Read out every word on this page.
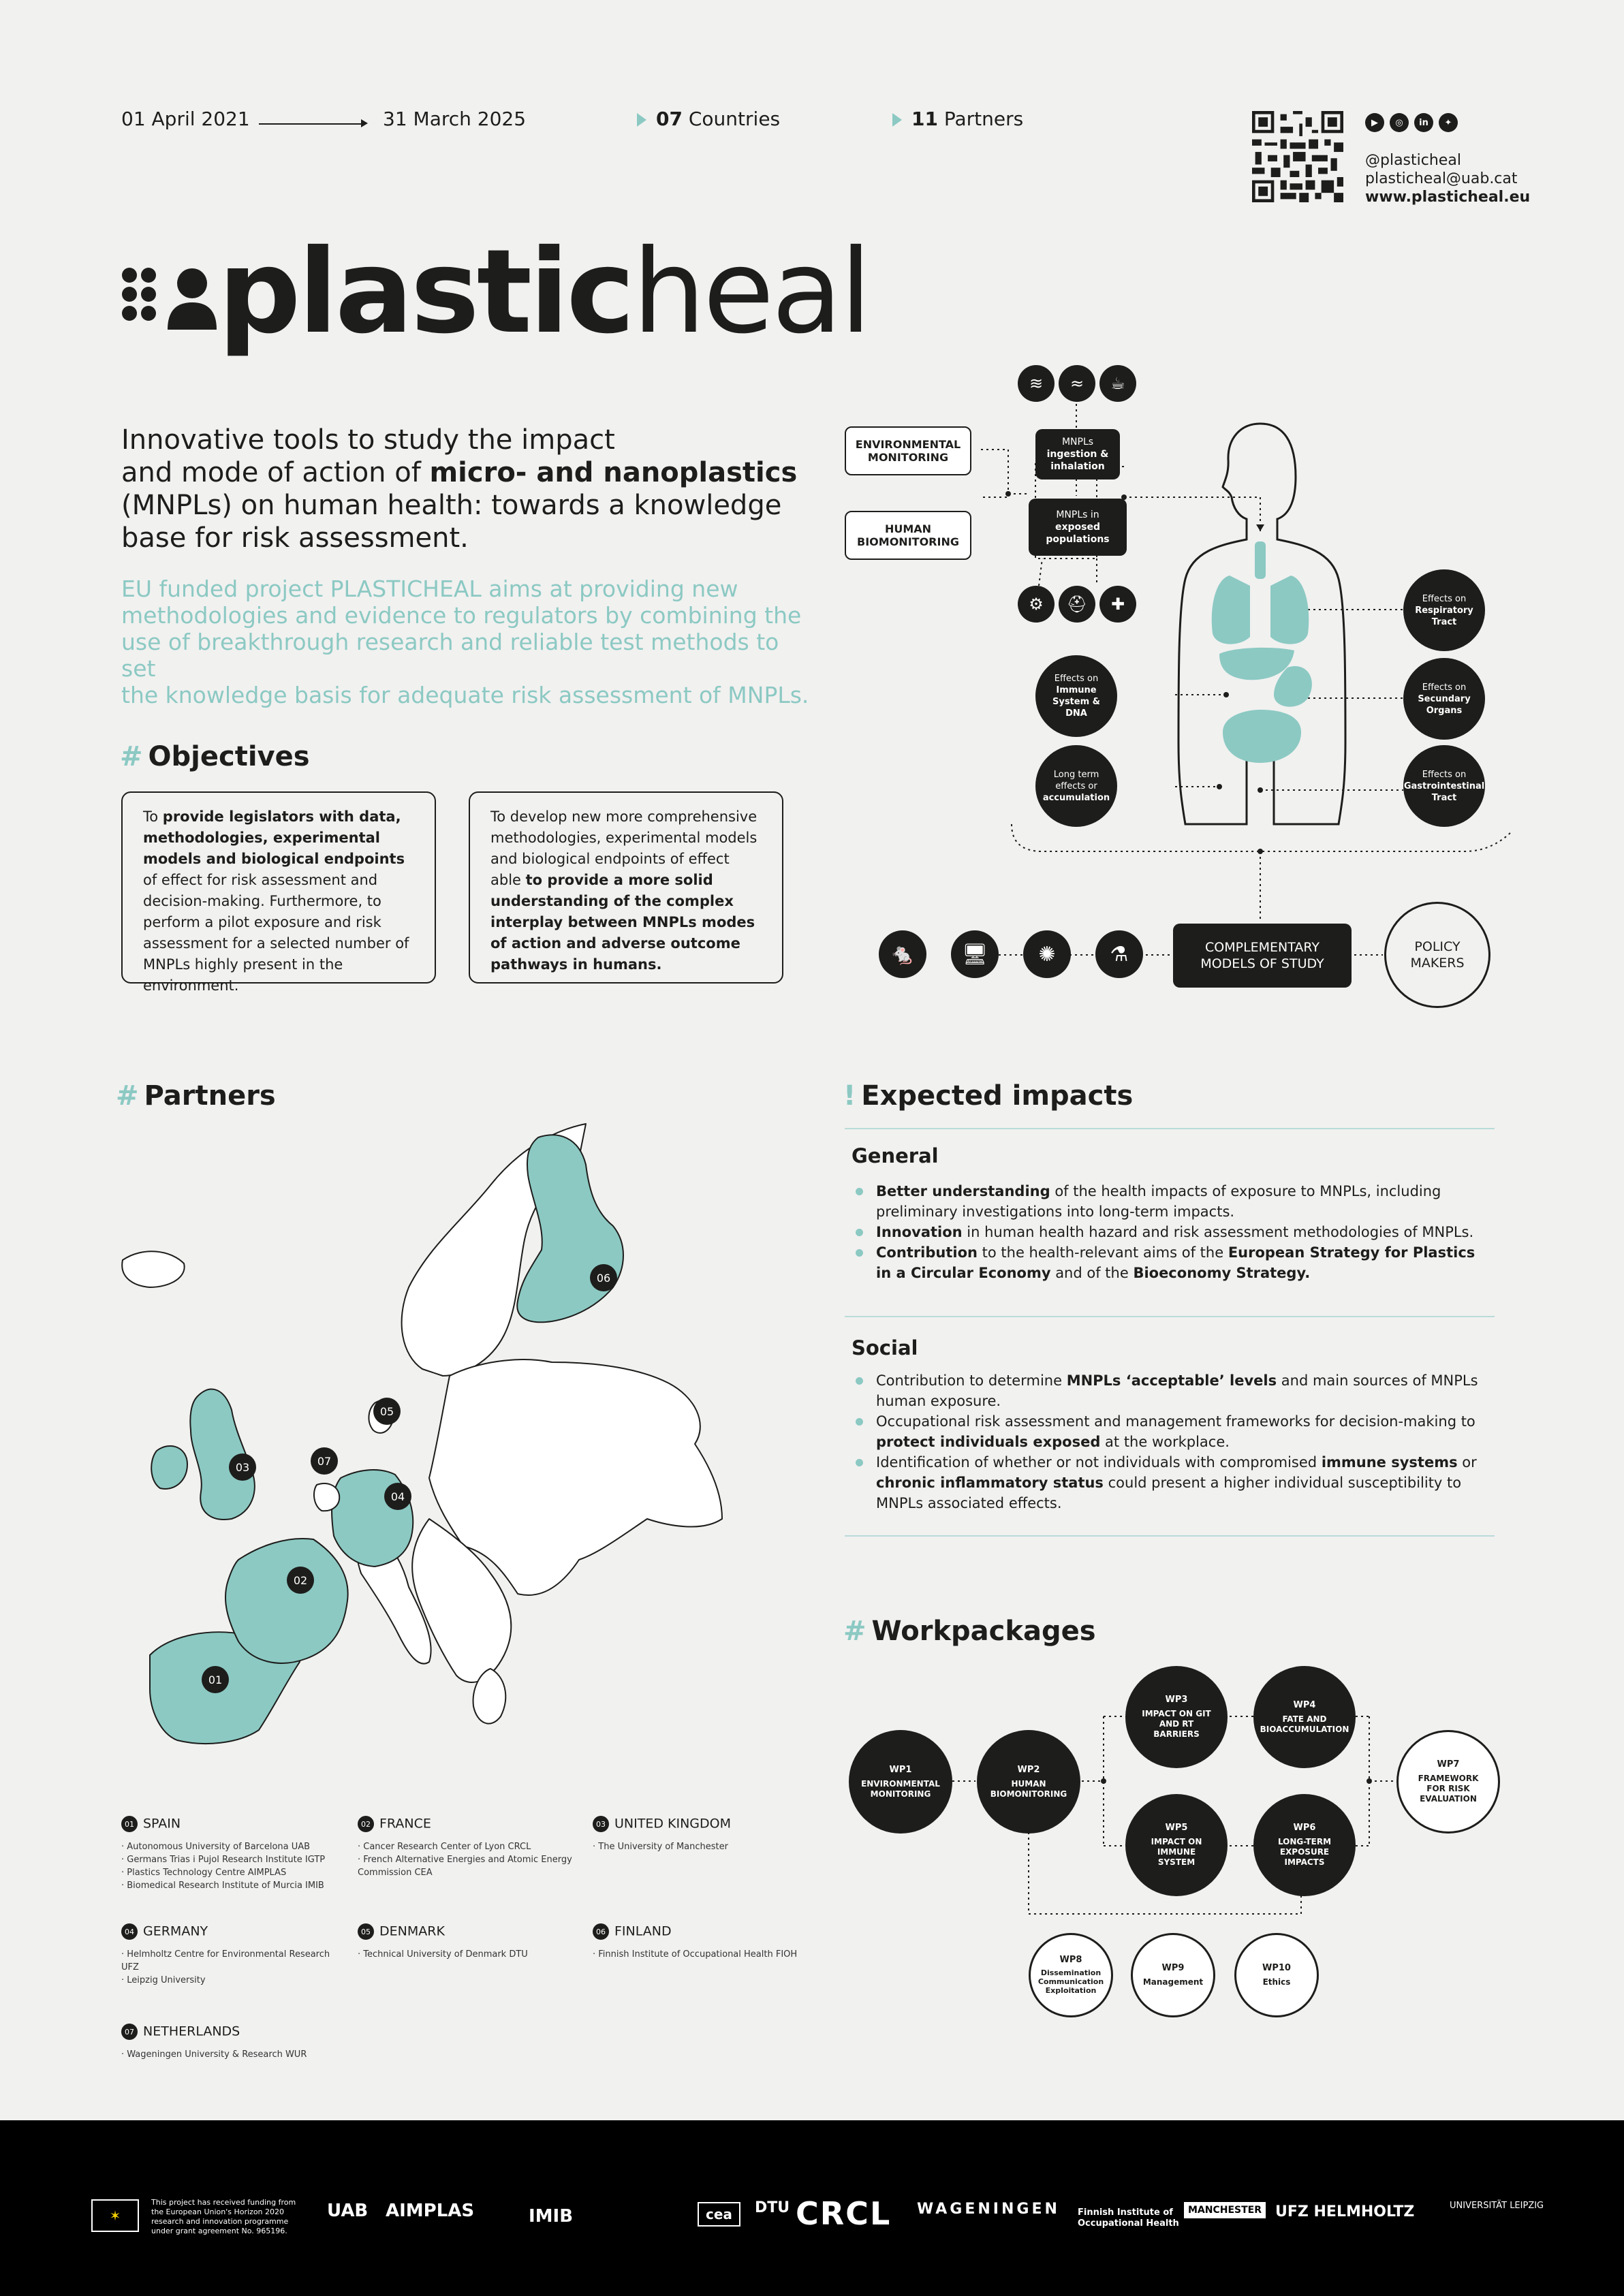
01 April 2021	31 March 2025	07 Countries	11 Partners	▶	◎	in	✦
@plasticheal
plasticheal@uab.cat
www.plasticheal.eu
plasticheal
Innovative tools to study the impact
and mode of action of micro- and nanoplastics
(MNPLs) on human health: towards a knowledge
base for risk assessment.
EU funded project PLASTICHEAL aims at providing new
methodologies and evidence to regulators by combining the
use of breakthrough research and reliable test methods to set
the knowledge basis for adequate risk assessment of MNPLs.
# Objectives
To provide legislators with data, methodologies, experimental models and biological endpoints of effect for risk assessment and decision-making. Furthermore, to perform a pilot exposure and risk assessment for a selected number of MNPLs highly present in the environment.
To develop new more comprehensive methodologies, experimental models and biological endpoints of effect able to provide a more solid understanding of the complex interplay between MNPLs modes of action and adverse outcome pathways in humans.
ENVIRONMENTAL MONITORING
HUMAN BIOMONITORING
≋	≈	☕
MNPLs
ingestion & inhalation
MNPLs in
exposed populations
⚙	⛑	✚
Effects on
Immune System & DNA
Long term effects or
accumulation
Effects on
Respiratory Tract
Effects on
Secundary Organs
Effects on
Gastrointestinal Tract
🐁	🖥	✺	⚗	COMPLEMENTARY MODELS OF STUDY
POLICY MAKERS
# Partners
01
02
03
04
05
06
07
01 SPAIN
· Autonomous University of Barcelona UAB
· Germans Trias i Pujol Research Institute IGTP
· Plastics Technology Centre AIMPLAS
· Biomedical Research Institute of Murcia IMIB
02 FRANCE
· Cancer Research Center of Lyon CRCL
· French Alternative Energies and Atomic Energy
Commission CEA
03 UNITED KINGDOM
· The University of Manchester
04 GERMANY
· Helmholtz Centre for Environmental Research
UFZ
· Leipzig University
05 DENMARK
· Technical University of Denmark DTU
06 FINLAND
· Finnish Institute of Occupational Health FIOH
07 NETHERLANDS
· Wageningen University & Research WUR
! Expected impacts
General
Better understanding of the health impacts of exposure to MNPLs, including preliminary investigations into long-term impacts.
Innovation in human health hazard and risk assessment methodologies of MNPLs.
Contribution to the health-relevant aims of the European Strategy for Plastics in a Circular Economy and of the Bioeconomy Strategy.
Social
Contribution to determine MNPLs ‘acceptable’ levels and main sources of MNPLs human exposure.
Occupational risk assessment and management frameworks for decision-making to protect individuals exposed at the workplace.
Identification of whether or not individuals with compromised immune systems or chronic inflammatory status could present a higher individual susceptibility to MNPLs associated effects.
# Workpackages
WP1
ENVIRONMENTAL MONITORING
WP2
HUMAN BIOMONITORING
WP3
IMPACT ON GIT AND RT BARRIERS
WP4
FATE AND BIOACCUMULATION
WP5
IMPACT ON IMMUNE SYSTEM
WP6
LONG-TERM EXPOSURE IMPACTS
WP7
FRAMEWORK FOR RISK EVALUATION
WP8
Dissemination Communication Exploitation
WP9
Management
WP10
Ethics
✶
This project has received funding from the European Union's Horizon 2020 research and innovation programme under grant agreement No. 965196.
UAB AIMPLAS	IMIB	cea	DTU CRCL WAGENINGEN Finnish Institute of Occupational Health
MANCHESTER UFZ HELMHOLTZ	UNIVERSITÄT LEIPZIG
